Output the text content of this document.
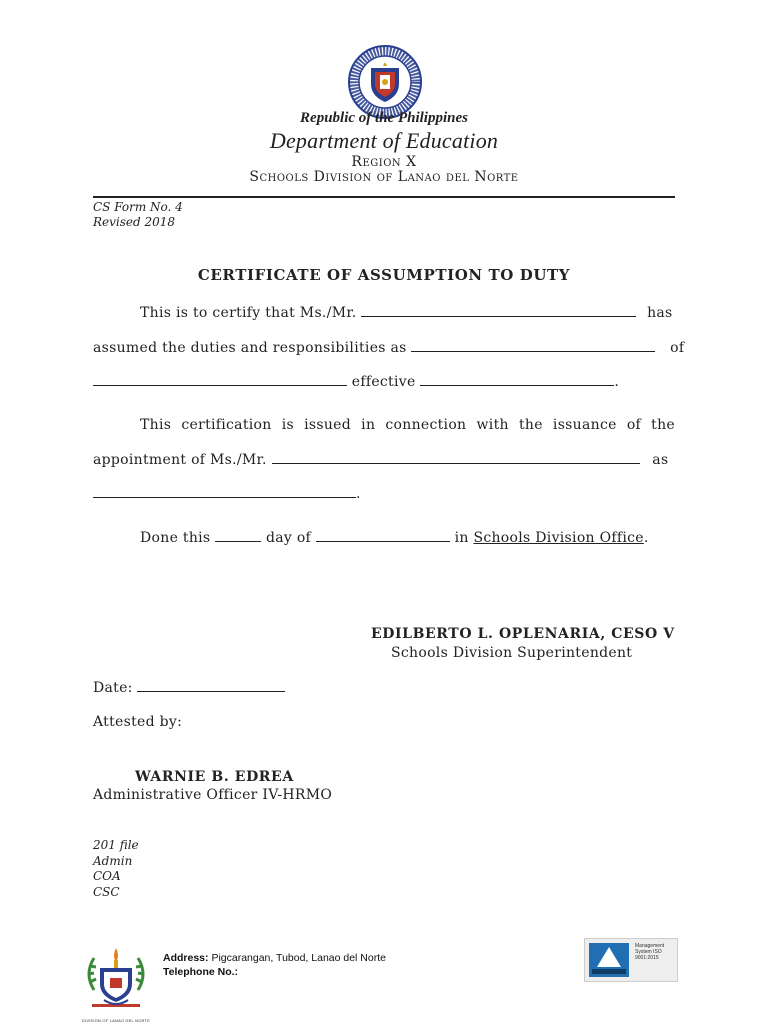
Republic of the Philippines
Department of Education
Region X
Schools Division of Lanao del Norte
CS Form No. 4
Revised 2018
CERTIFICATE OF ASSUMPTION TO DUTY
This is to certify that Ms./Mr.	has
assumed the duties and responsibilities as	of
effective	.
This certification is issued in connection with the issuance of the
appointment of Ms./Mr.	as
.
Done this	day of	in Schools Division Office.
EDILBERTO L. OPLENARIA, CESO V
Schools Division Superintendent
Date:
Attested by:
WARNIE B. EDREA
Administrative Officer IV-HRMO
201 file
Admin
COA
CSC
DIVISION OF LANAO DEL NORTE
Address: Pigcarangan, Tubod, Lanao del Norte
Telephone No.:
Management System ISO 9001:2015
